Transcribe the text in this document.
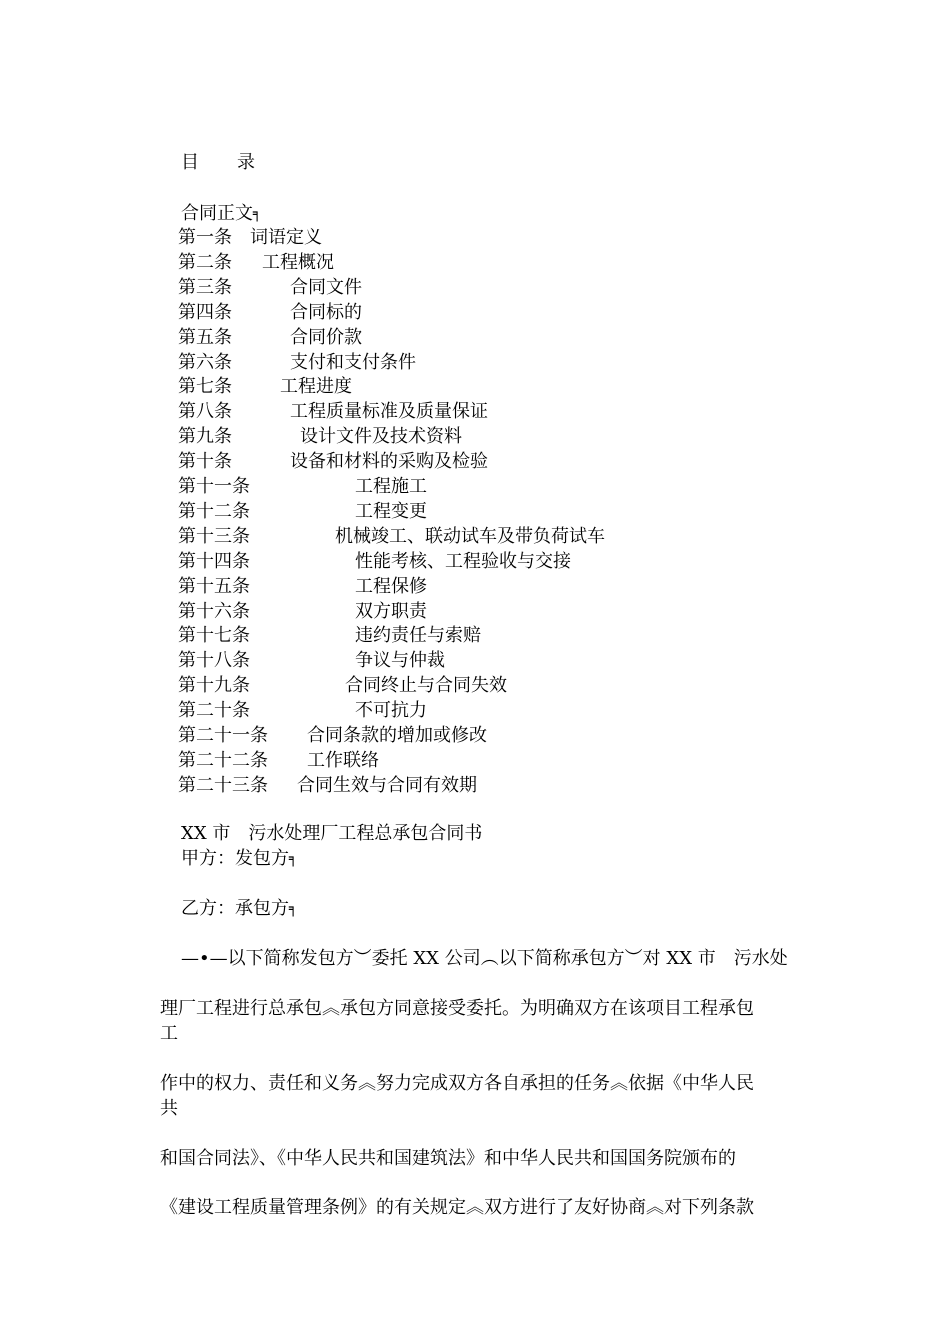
目 录
合同正文╕
第一条 词语定义
第二条 工程概况
第三条	合同文件
第四条	合同标的
第五条	合同价款
第六条	支付和支付条件
第七条	工程进度
第八条	工程质量标准及质量保证
第九条	设计文件及技术资料
第十条	设备和材料的采购及检验
第十一条	工程施工
第十二条	工程变更
第十三条	机械竣工、联动试车及带负荷试车
第十四条	性能考核、工程验收与交接
第十五条	工程保修
第十六条	双方职责
第十七条	违约责任与索赔
第十八条	争议与仲裁
第十九条	合同终止与合同失效
第二十条	不可抗力
第二十一条 合同条款的增加或修改
第二十二条 工作联络
第二十三条 合同生效与合同有效期
XX 市　污水处理厂工程总承包合同书
甲方：发包方╕
乙方：承包方╕
—•—以下简称发包方︶委托 XX 公司︵以下简称承包方︶对 XX 市　污水处
理厂工程进行总承包︽承包方同意接受委托。为明确双方在该项目工程承包
工
作中的权力、责任和义务︽努力完成双方各自承担的任务︽依据《中华人民
共
和国合同法》、《中华人民共和国建筑法》和中华人民共和国国务院颁布的
《建设工程质量管理条例》的有关规定︽双方进行了友好协商︽对下列条款
